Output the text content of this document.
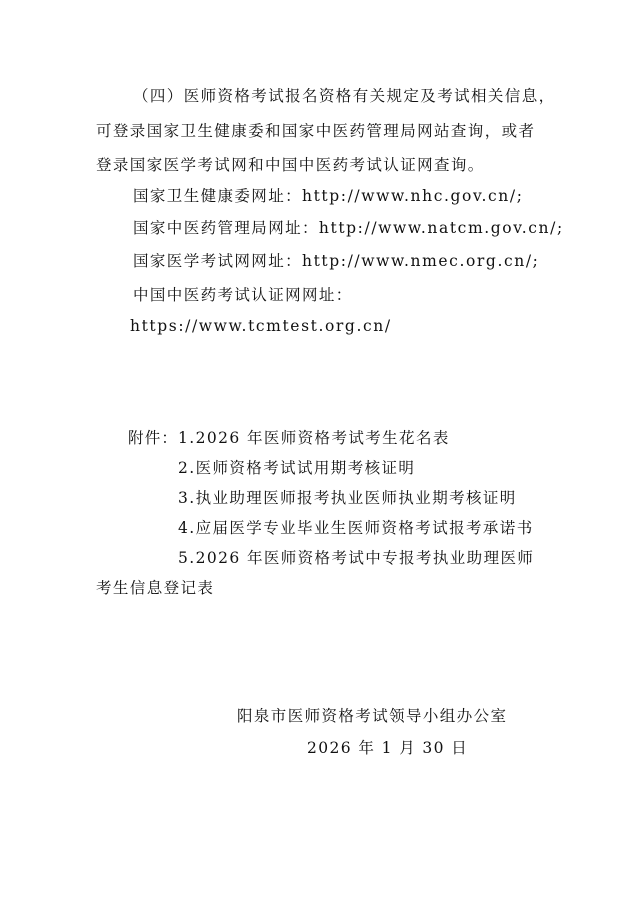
（四）医师资格考试报名资格有关规定及考试相关信息，
可登录国家卫生健康委和国家中医药管理局网站查询，或者
登录国家医学考试网和中国中医药考试认证网查询。
国家卫生健康委网址：http://www.nhc.gov.cn/;
国家中医药管理局网址：http://www.natcm.gov.cn/;
国家医学考试网网址：http://www.nmec.org.cn/;
中国中医药考试认证网网址：
https://www.tcmtest.org.cn/
附件： 1.2026 年医师资格考试考生花名表
2.医师资格考试试用期考核证明
3.执业助理医师报考执业医师执业期考核证明
4.应届医学专业毕业生医师资格考试报考承诺书
5.2026 年医师资格考试中专报考执业助理医师
考生信息登记表
阳泉市医师资格考试领导小组办公室
2026 年 1 月 30 日
